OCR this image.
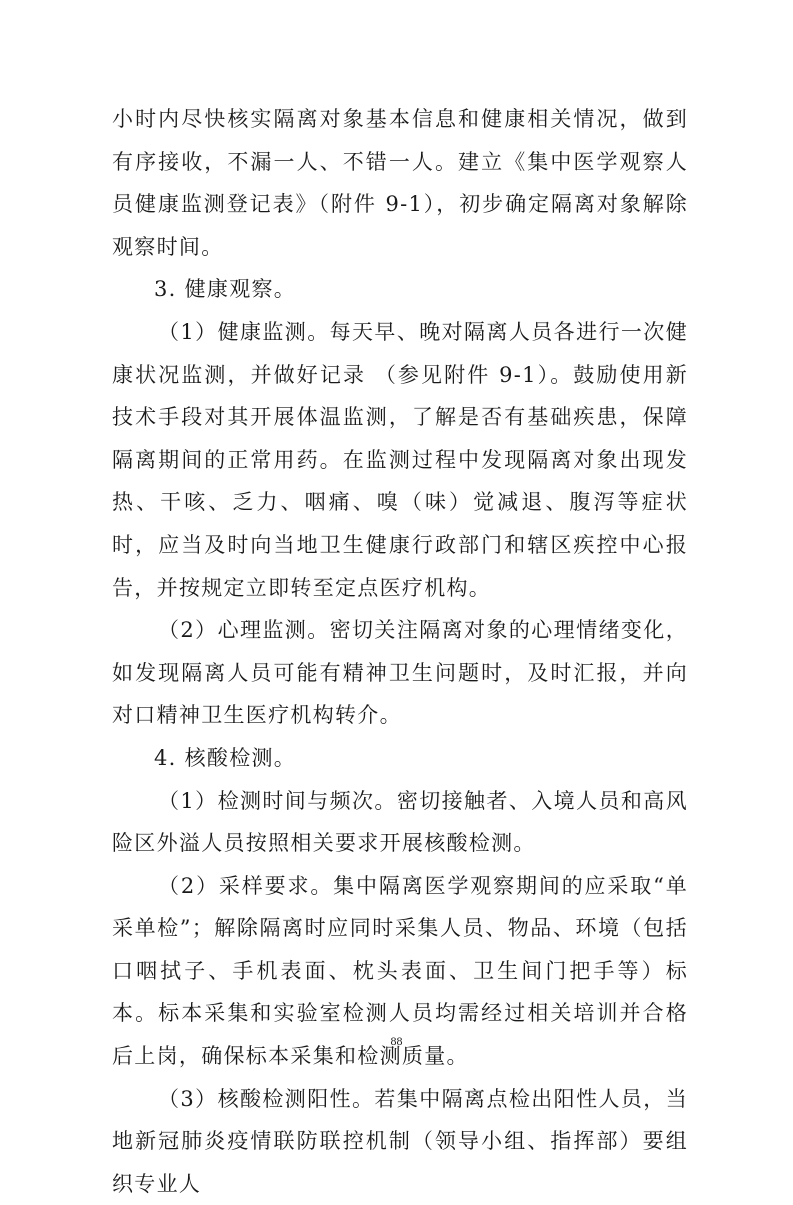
小时内尽快核实隔离对象基本信息和健康相关情况，做到有序接收，不漏一人、不错一人。建立《集中医学观察人员健康监测登记表》（附件 9-1），初步确定隔离对象解除观察时间。

3. 健康观察。

（1）健康监测。每天早、晚对隔离人员各进行一次健康状况监测，并做好记录 （参见附件 9-1）。鼓励使用新技术手段对其开展体温监测，了解是否有基础疾患，保障隔离期间的正常用药。在监测过程中发现隔离对象出现发热、干咳、乏力、咽痛、嗅（味）觉减退、腹泻等症状时，应当及时向当地卫生健康行政部门和辖区疾控中心报告，并按规定立即转至定点医疗机构。

（2）心理监测。密切关注隔离对象的心理情绪变化，如发现隔离人员可能有精神卫生问题时，及时汇报，并向对口精神卫生医疗机构转介。

4. 核酸检测。

（1）检测时间与频次。密切接触者、入境人员和高风险区外溢人员按照相关要求开展核酸检测。

（2）采样要求。集中隔离医学观察期间的应采取“单采单检”；解除隔离时应同时采集人员、物品、环境（包括口咽拭子、手机表面、枕头表面、卫生间门把手等）标本。标本采集和实验室检测人员均需经过相关培训并合格后上岗，确保标本采集和检测质量。

（3）核酸检测阳性。若集中隔离点检出阳性人员，当地新冠肺炎疫情联防联控机制（领导小组、指挥部）要组织专业人

88
